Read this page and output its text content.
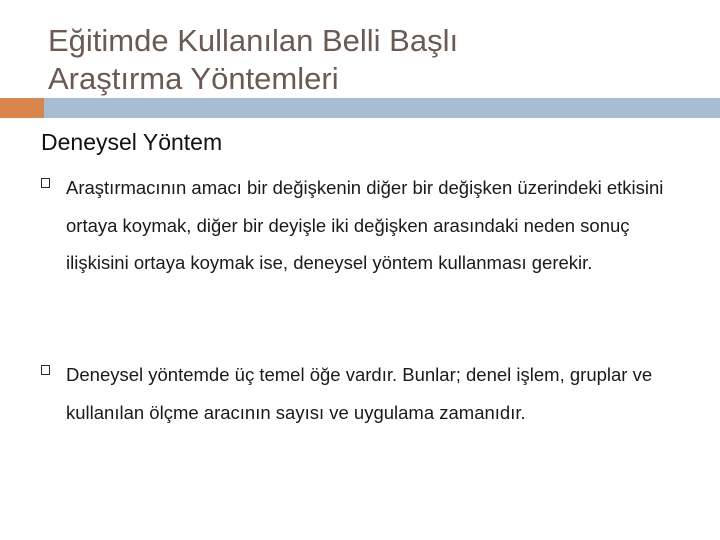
Eğitimde Kullanılan Belli Başlı
Araştırma Yöntemleri
Deneysel Yöntem
Araştırmacının amacı bir değişkenin diğer bir değişken üzerindeki etkisini ortaya koymak, diğer bir deyişle iki değişken arasındaki neden sonuç ilişkisini ortaya koymak ise, deneysel yöntem kullanması gerekir.
Deneysel yöntemde üç temel öğe vardır. Bunlar; denel işlem, gruplar ve kullanılan ölçme aracının sayısı ve uygulama zamanıdır.
